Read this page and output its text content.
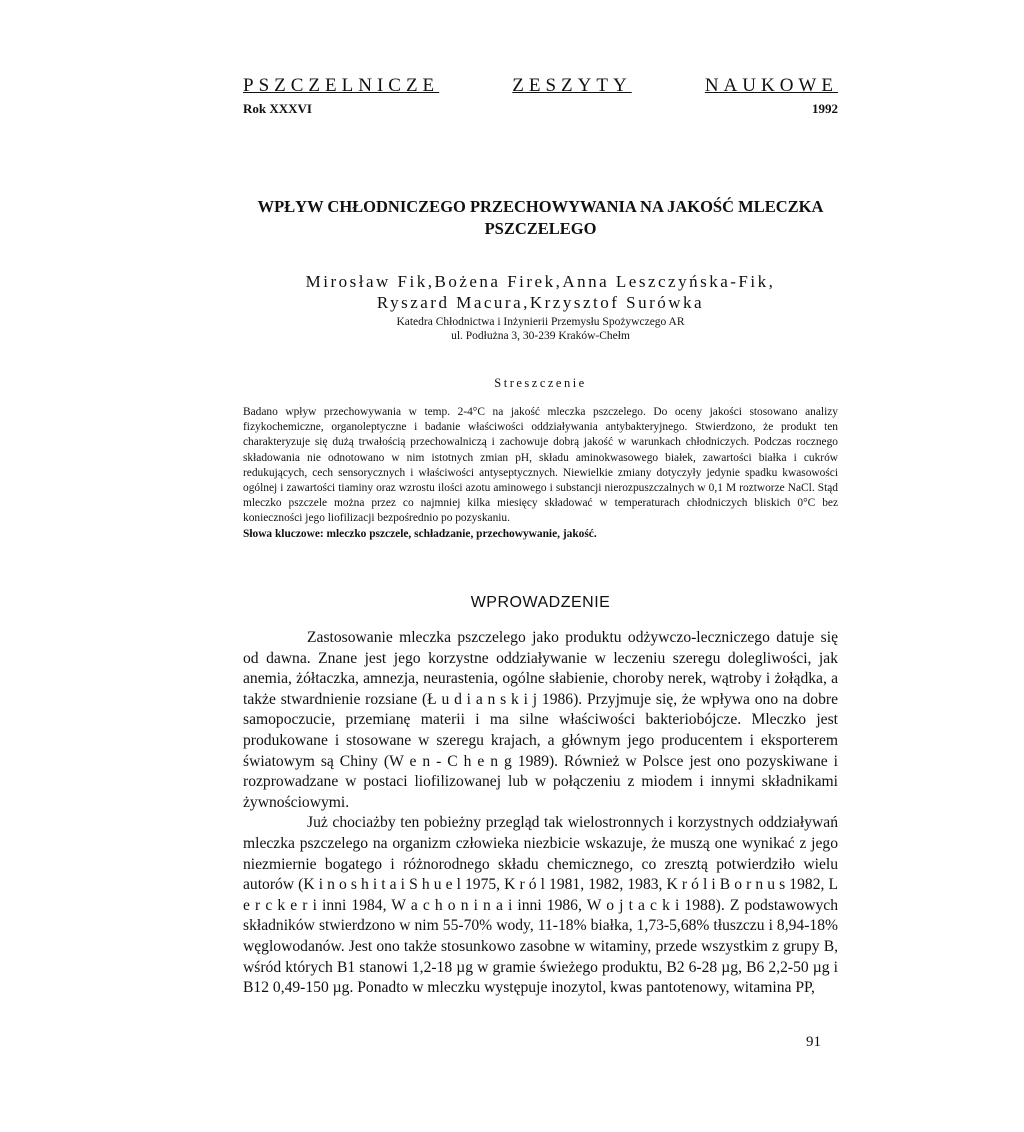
PSZCZELNICZE	ZESZYTY	NAUKOWE
Rok XXXVI	1992
WPŁYW CHŁODNICZEGO PRZECHOWYWANIA NA JAKOŚĆ MLECZKA
PSZCZELEGO
Mirosław Fik,Bożena Firek,Anna Leszczyńska-Fik,
Ryszard Macura,Krzysztof Surówka
Katedra Chłodnictwa i Inżynierii Przemysłu Spożywczego AR
ul. Podłużna 3, 30-239 Kraków-Chełm
Streszczenie
Badano wpływ przechowywania w temp. 2-4°C na jakość mleczka pszczelego. Do oceny jakości stosowano analizy fizykochemiczne, organoleptyczne i badanie właściwości oddziaływania antybakteryjnego. Stwierdzono, że produkt ten charakteryzuje się dużą trwałością przechowalniczą i zachowuje dobrą jakość w warunkach chłodniczych. Podczas rocznego składowania nie odnotowano w nim istotnych zmian pH, składu aminokwasowego białek, zawartości białka i cukrów redukujących, cech sensorycznych i właściwości antyseptycznych. Niewielkie zmiany dotyczyły jedynie spadku kwasowości ogólnej i zawartości tiaminy oraz wzrostu ilości azotu aminowego i substancji nierozpuszczalnych w 0,1 M roztworze NaCl. Stąd mleczko pszczele można przez co najmniej kilka miesięcy składować w temperaturach chłodniczych bliskich 0°C bez konieczności jego liofilizacji bezpośrednio po pozyskaniu.
Słowa kluczowe: mleczko pszczele, schładzanie, przechowywanie, jakość.
WPROWADZENIE

Zastosowanie mleczka pszczelego jako produktu odżywczo-leczniczego datuje się od dawna. Znane jest jego korzystne oddziaływanie w leczeniu szeregu dolegliwości, jak anemia, żółtaczka, amnezja, neurastenia, ogólne słabienie, choroby nerek, wątroby i żołądka, a także stwardnienie rozsiane (Ł u d i a n s k i j 1986). Przyjmuje się, że wpływa ono na dobre samopoczucie, przemianę materii i ma silne właściwości bakteriobójcze. Mleczko jest produkowane i stosowane w szeregu krajach, a głównym jego producentem i eksporterem światowym są Chiny (W e n - C h e n g 1989). Również w Polsce jest ono pozyskiwane i rozprowadzane w postaci liofilizowanej lub w połączeniu z miodem i innymi składnikami żywnościowymi.

Już chociażby ten pobieżny przegląd tak wielostronnych i korzystnych oddziaływań mleczka pszczelego na organizm człowieka niezbicie wskazuje, że muszą one wynikać z jego niezmiernie bogatego i różnorodnego składu chemicznego, co zresztą potwierdziło wielu autorów (K i n o s h i t a i S h u e l 1975, K r ó l 1981, 1982, 1983, K r ó l i B o r n u s 1982, L e r c k e r i inni 1984, W a c h o n i n a i inni 1986, W o j t a c k i 1988). Z podstawowych składników stwierdzono w nim 55-70% wody, 11-18% białka, 1,73-5,68% tłuszczu i 8,94-18% węglowodanów. Jest ono także stosunkowo zasobne w witaminy, przede wszystkim z grupy B, wśród których B1 stanowi 1,2-18 µg w gramie świeżego produktu, B2 6-28 µg, B6 2,2-50 µg i B12 0,49-150 µg. Ponadto w mleczku występuje inozytol, kwas pantotenowy, witamina PP,

91
